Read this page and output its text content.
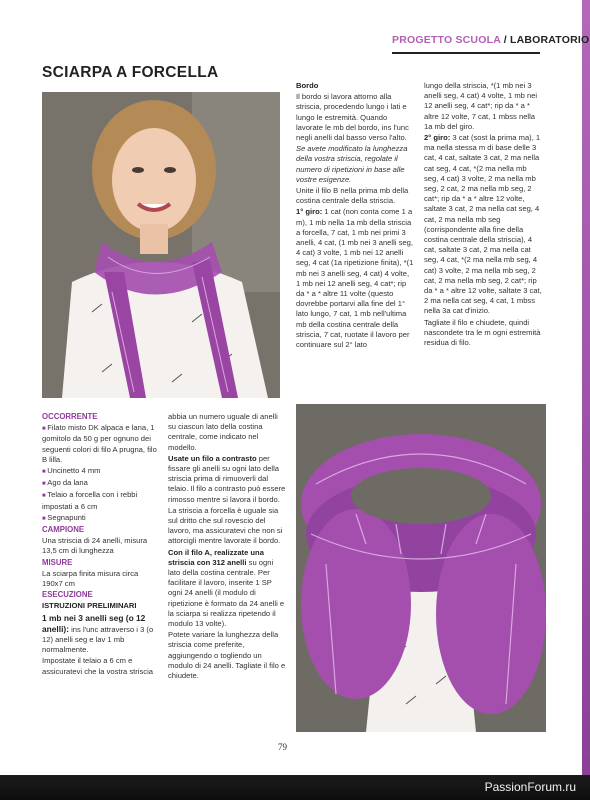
PROGETTO SCUOLA / LABORATORIO
SCIARPA A FORCELLA

OCCORRENTE

■ Filato misto DK alpaca e lana, 1 gomitolo da 50 g per ognuno dei seguenti colori di filo A prugna, filo B lilla.

■ Uncinetto 4 mm

■ Ago da lana

■ Telaio a forcella con i rebbi impostati a 6 cm

■ Segnapunti

CAMPIONE

Una striscia di 24 anelli, misura 13,5 cm di lunghezza

MISURE

La sciarpa finita misura circa 190x7 cm

ESECUZIONE

ISTRUZIONI PRELIMINARI

1 mb nei 3 anelli seg (o 12 anelli): ins l'unc attraverso i 3 (o 12) anelli seg e lav 1 mb normalmente.

Impostate il telaio a 6 cm e assicuratevi che la vostra striscia

abbia un numero uguale di anelli su ciascun lato della costina centrale, come indicato nel modello.

Usate un filo a contrasto per fissare gli anelli su ogni lato della striscia prima di rimuoverli dal telaio. Il filo a contrasto può essere rimosso mentre si lavora il bordo.

La striscia a forcella è uguale sia sul dritto che sul rovescio del lavoro, ma assicuratevi che non si attorcigli mentre lavorate il bordo.

Con il filo A, realizzate una striscia con 312 anelli su ogni lato della costina centrale. Per facilitare il lavoro, inserite 1 SP ogni 24 anelli (il modulo di ripetizione è formato da 24 anelli e la sciarpa si realizza ripetendo il modulo 13 volte).

Potete variare la lunghezza della striscia come preferite, aggiungendo o togliendo un modulo di 24 anelli. Tagliate il filo e chiudete.

Bordo

Il bordo si lavora attorno alla striscia, procedendo lungo i lati e lungo le estremità. Quando lavorate le mb del bordo, ins l'unc negli anelli dal basso verso l'alto.

Se avete modificato la lunghezza della vostra striscia, regolate il numero di ripetizioni in base alle vostre esigenze.

Unite il filo B nella prima mb della costina centrale della striscia.

1° giro: 1 cat (non conta come 1 a m), 1 mb nella 1a mb della striscia a forcella, 7 cat, 1 mb nei primi 3 anelli, 4 cat, (1 mb nei 3 anelli seg, 4 cat) 3 volte, 1 mb nei 12 anelli seg, 4 cat (1a ripetizione finita), *(1 mb nei 3 anelli seg, 4 cat) 4 volte, 1 mb nei 12 anelli seg, 4 cat*; rip da * a * altre 11 volte (questo dovrebbe portarvi alla fine del 1° lato lungo, 7 cat, 1 mb nell'ultima mb della costina centrale della striscia, 7 cat, ruotate il lavoro per continuare sul 2° lato

lungo della striscia, *(1 mb nei 3 anelli seg, 4 cat) 4 volte, 1 mb nei 12 anelli seg, 4 cat*; rip da * a * altre 12 volte, 7 cat, 1 mbss nella 1a mb del giro.

2° giro: 3 cat (sost la prima ma), 1 ma nella stessa m di base delle 3 cat, 4 cat, saltate 3 cat, 2 ma nella cat seg, 4 cat, *(2 ma nella mb seg, 4 cat) 3 volte, 2 ma nella mb seg, 2 cat, 2 ma nella mb seg, 2 cat*; rip da * a * altre 12 volte, saltate 3 cat, 2 ma nella cat seg, 4 cat, 2 ma nella mb seg (corrispondente alla fine della costina centrale della striscia), 4 cat, saltate 3 cat, 2 ma nella cat seg, 4 cat, *(2 ma nella mb seg, 4 cat) 3 volte, 2 ma nella mb seg, 2 cat, 2 ma nella mb seg, 2 cat*; rip da * a * altre 12 volte, saltate 3 cat, 2 ma nella cat seg, 4 cat, 1 mbss nella 3a cat d'inizio.

Tagliate il filo e chiudete, quindi nascondete tra le m ogni estremità residua di filo.

79
PassionForum.ru
